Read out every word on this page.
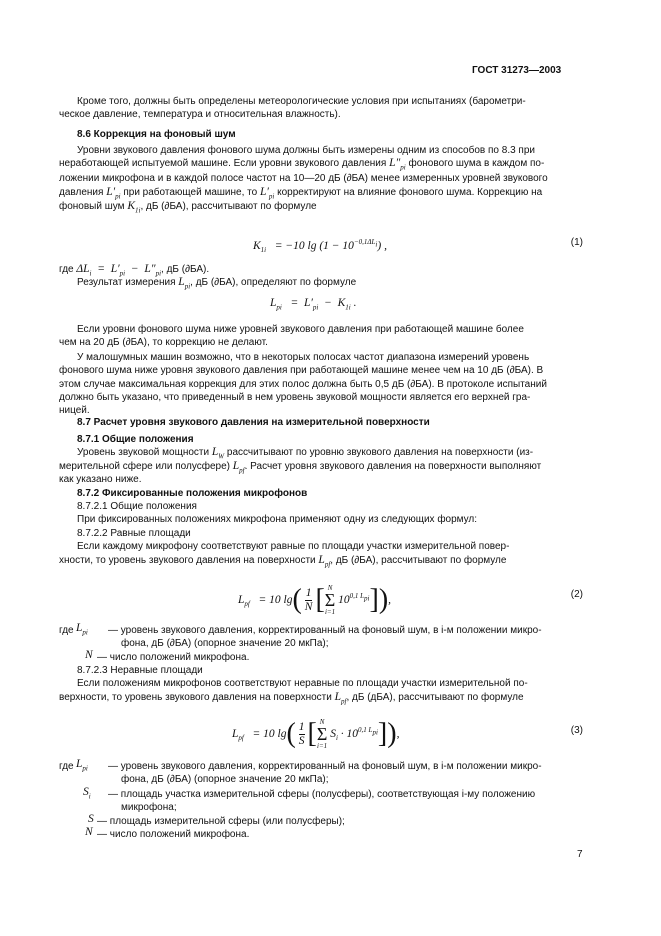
ГОСТ 31273—2003
Кроме того, должны быть определены метеорологические условия при испытаниях (барометри-
ческое давление, температура и относительная влажность).
8.6 Коррекция на фоновый шум
Уровни звукового давления фонового шума должны быть измерены одним из способов по 8.3 при
неработающей испытуемой машине. Если уровни звукового давления $L''_{pi}$ фонового шума в каждом по-
ложении микрофона и в каждой полосе частот на 10—20 дБ (∂БА) менее измеренных уровней звукового
давления $L'_{pi}$ при работающей машине, то $L'_{pi}$ корректируют на влияние фонового шума. Коррекцию на
фоновый шум $K_{1i}$, дБ (∂БА), рассчитывают по формуле
$K_{1i} = -10$ $\lg (1 - 10^{-0,1\Delta L_i})$ ,	(1)
где $\Delta L_i = L'_{pi} - L''_{pi}$, дБ (∂БА).
Результат измерения $L_{pi}$, дБ (∂БА), определяют по формуле
$L_{pi} = L'_{pi} - K_{1i}$ .
Если уровни фонового шума ниже уровней звукового давления при работающей машине более
чем на 20 дБ (∂БА), то коррекцию не делают.
У малошумных машин возможно, что в некоторых полосах частот диапазона измерений уровень
фонового шума ниже уровня звукового давления при работающей машине менее чем на 10 дБ (∂БА). В
этом случае максимальная коррекция для этих полос должна быть 0,5 дБ (∂БА). В протоколе испытаний
должно быть указано, что приведенный в нем уровень звуковой мощности является его верхней гра-
ницей.
8.7 Расчет уровня звукового давления на измерительной поверхности
8.7.1 Общие положения
Уровень звуковой мощности $L_W$ рассчитывают по уровню звукового давления на поверхности (из-
мерительной сфере или полусфере) $L_{pf}$. Расчет уровня звукового давления на поверхности выполняют
как указано ниже.
8.7.2 Фиксированные положения микрофонов
8.7.2.1 Общие положения
При фиксированных положениях микрофона применяют одну из следующих формул:
8.7.2.2 Равные площади
Если каждому микрофону соответствуют равные по площади участки измерительной повер-
хности, то уровень звукового давления на поверхности $L_{pf}$, дБ (∂БА), рассчитывают по формуле
$L_{pf} = 10$ $\lg( \frac{1}{N}$ [ N
Σ
i=1
$10^{0,1 L_{pi}}$]),	(2)
где $L_{pi}$ — уровень звукового давления, корректированный на фоновый шум, в i-м положении микро-
фона, дБ (∂БА) (опорное значение 20 мкПа);
N — число положений микрофона.
8.7.2.3 Неравные площади
Если положениям микрофонов соответствуют неравные по площади участки измерительной по-
верхности, то уровень звукового давления на поверхности $L_{pf}$, дБ (дБА), рассчитывают по формуле
$L_{pf} = 10$ $\lg( \frac{1}{S}$ [ N
Σ
i=1
$S_i \cdot 10^{0,1 L_{pi}}$]),	(3)
где $L_{pi}$ — уровень звукового давления, корректированный на фоновый шум, в i-м положении микро-
фона, дБ (∂БА) (опорное значение 20 мкПа);
$S_i$ — площадь участка измерительной сферы (полусферы), соответствующая i-му положению
микрофона;
S — площадь измерительной сферы (или полусферы);
N — число положений микрофона.
7
